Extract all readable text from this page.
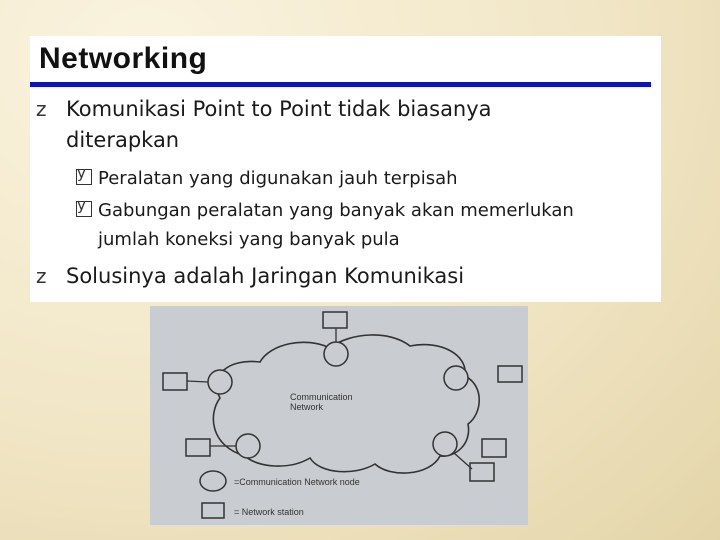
Networking
z Komunikasi Point to Point tidak biasanya
diterapkan
y Peralatan yang digunakan jauh terpisah
y Gabungan peralatan yang banyak akan memerlukan
jumlah koneksi yang banyak pula
z Solusinya adalah Jaringan Komunikasi
Communication
Network
=Communication Network node
= Network station
